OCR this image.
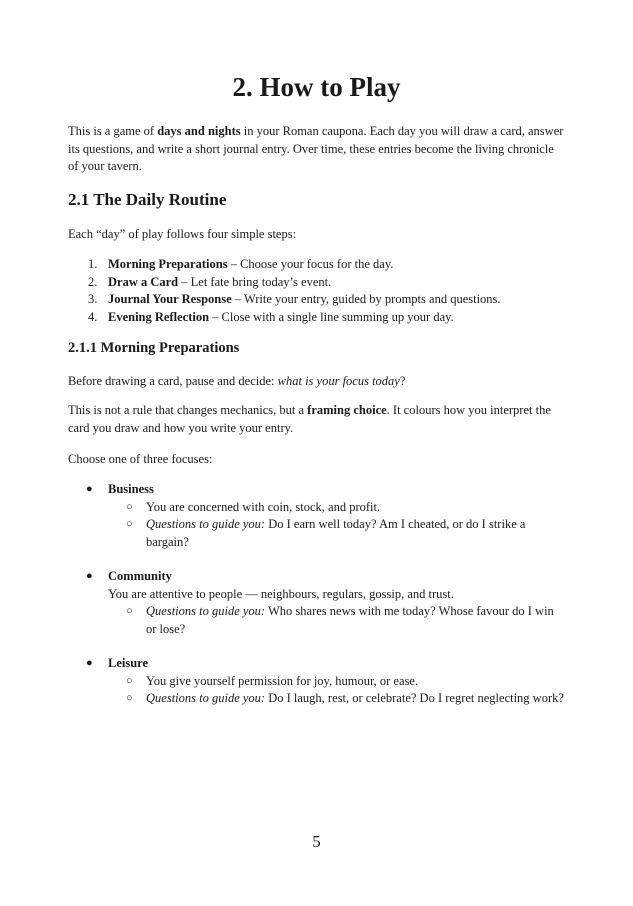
2. How to Play

This is a game of days and nights in your Roman caupona. Each day you will draw a card, answer its questions, and write a short journal entry. Over time, these entries become the living chronicle of your tavern.

2.1 The Daily Routine

Each “day” of play follows four simple steps:

1. Morning Preparations – Choose your focus for the day.
2. Draw a Card – Let fate bring today’s event.
3. Journal Your Response – Write your entry, guided by prompts and questions.
4. Evening Reflection – Close with a single line summing up your day.
2.1.1 Morning Preparations

Before drawing a card, pause and decide: what is your focus today?

This is not a rule that changes mechanics, but a framing choice. It colours how you interpret the card you draw and how you write your entry.

Choose one of three focuses:

●	Business
○ You are concerned with coin, stock, and profit.
○ Questions to guide you: Do I earn well today? Am I cheated, or do I strike a bargain?
●	Community
You are attentive to people — neighbours, regulars, gossip, and trust.
○ Questions to guide you: Who shares news with me today? Whose favour do I win or lose?
●	Leisure
○ You give yourself permission for joy, humour, or ease.
○ Questions to guide you: Do I laugh, rest, or celebrate? Do I regret neglecting work?
5
